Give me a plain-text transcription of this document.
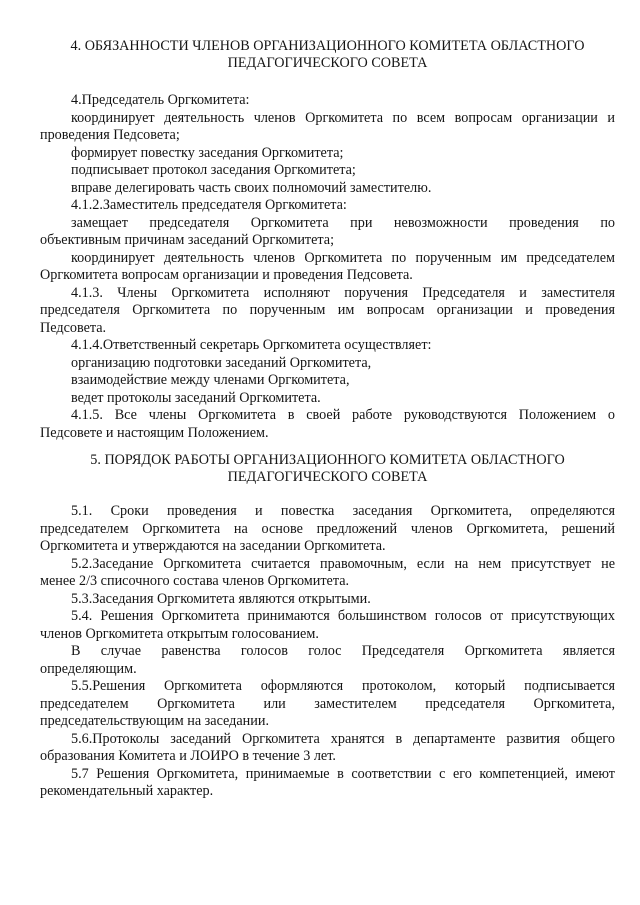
4. ОБЯЗАННОСТИ ЧЛЕНОВ ОРГАНИЗАЦИОННОГО КОМИТЕТА ОБЛАСТНОГО
ПЕДАГОГИЧЕСКОГО СОВЕТА
4.Председатель Оргкомитета:
координирует деятельность членов Оргкомитета по всем вопросам организации и
проведения Педсовета;
формирует повестку заседания Оргкомитета;
подписывает протокол заседания Оргкомитета;
вправе делегировать часть своих полномочий заместителю.
4.1.2.Заместитель председателя Оргкомитета:
замещает председателя Оргкомитета при невозможности проведения по
объективным причинам заседаний Оргкомитета;
координирует деятельность членов Оргкомитета по порученным им председателем
Оргкомитета вопросам организации и проведения Педсовета.
4.1.3. Члены Оргкомитета исполняют поручения Председателя и заместителя
председателя Оргкомитета по порученным им вопросам организации и проведения
Педсовета.
4.1.4.Ответственный секретарь Оргкомитета осуществляет:
организацию подготовки заседаний Оргкомитета,
взаимодействие между членами Оргкомитета,
ведет протоколы заседаний Оргкомитета.
4.1.5. Все члены Оргкомитета в своей работе руководствуются Положением о
Педсовете и настоящим Положением.
5. ПОРЯДОК РАБОТЫ ОРГАНИЗАЦИОННОГО КОМИТЕТА ОБЛАСТНОГО
ПЕДАГОГИЧЕСКОГО СОВЕТА
5.1. Сроки проведения и повестка заседания Оргкомитета, определяются
председателем Оргкомитета на основе предложений членов Оргкомитета, решений
Оргкомитета и утверждаются на заседании Оргкомитета.
5.2.Заседание Оргкомитета считается правомочным, если на нем присутствует не
менее 2/3 списочного состава членов Оргкомитета.
5.3.Заседания Оргкомитета являются открытыми.
5.4. Решения Оргкомитета принимаются большинством голосов от присутствующих
членов Оргкомитета открытым голосованием.
В случае равенства голосов голос Председателя Оргкомитета является
определяющим.
5.5.Решения Оргкомитета оформляются протоколом, который подписывается
председателем Оргкомитета или заместителем председателя Оргкомитета,
председательствующим на заседании.
5.6.Протоколы заседаний Оргкомитета хранятся в департаменте развития общего
образования Комитета и ЛОИРО в течение 3 лет.
5.7 Решения Оргкомитета, принимаемые в соответствии с его компетенцией, имеют
рекомендательный характер.
